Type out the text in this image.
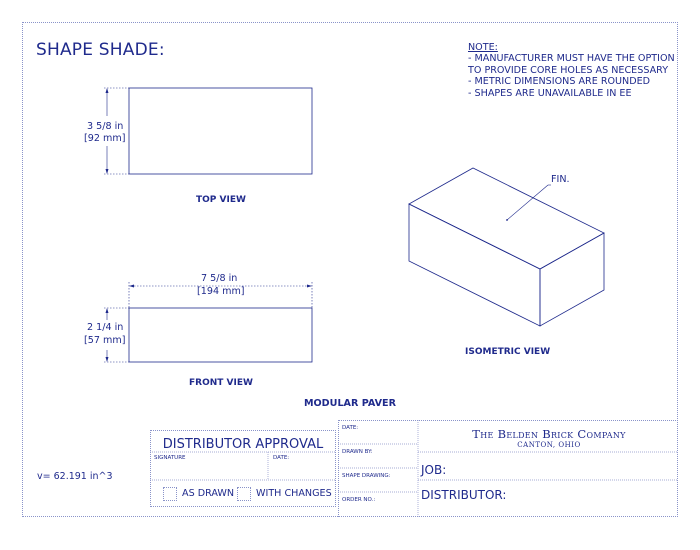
SHAPE SHADE:	NOTE:
- MANUFACTURER MUST HAVE THE OPTION
TO PROVIDE CORE HOLES AS NECESSARY
- METRIC DIMENSIONS ARE ROUNDED
- SHAPES ARE UNAVAILABLE IN EE
3 5/8 in
[92 mm]
TOP VIEW
7 5/8 in
[194 mm]
2 1/4 in
[57 mm]
FRONT VIEW
FIN.
ISOMETRIC VIEW
MODULAR PAVER
v= 62.191 in^3
DISTRIBUTOR APPROVAL
SIGNATURE	DATE:
AS DRAWN WITH CHANGES
DATE:
DRAWN BY:
SHAPE DRAWING:
ORDER NO.:
The Belden Brick Company
CANTON, OHIO
JOB:
DISTRIBUTOR:
